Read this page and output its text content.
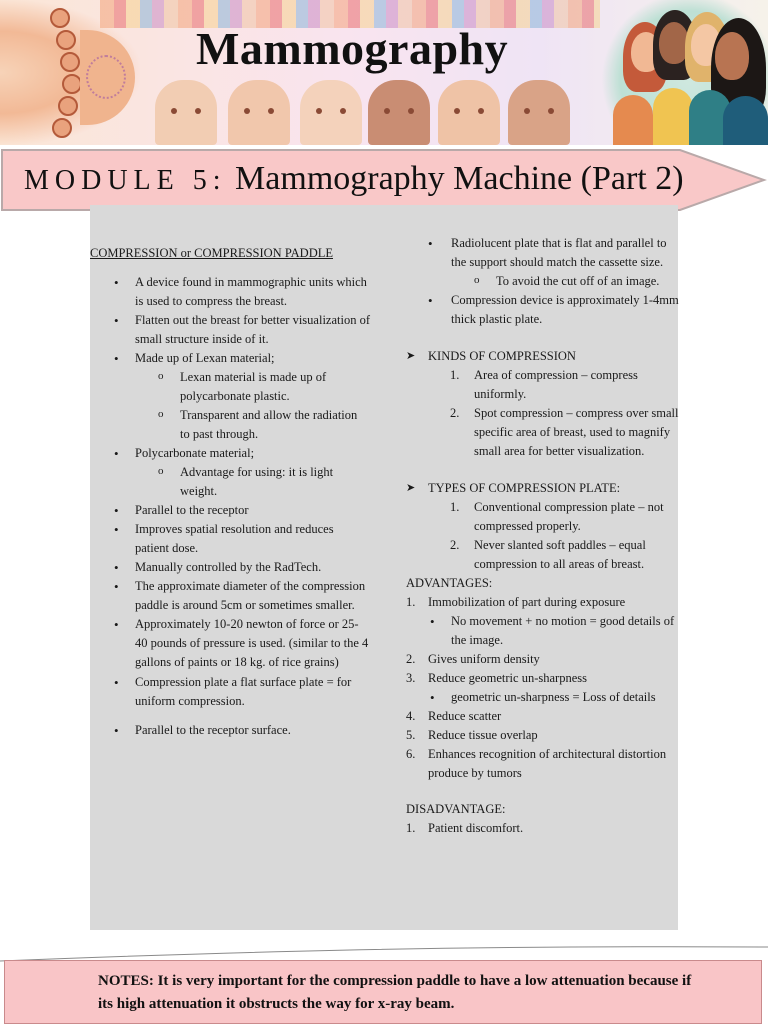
Mammography
MODULE 5: Mammography Machine (Part 2)

COMPRESSION or COMPRESSION PADDLE

• A device found in mammographic units which is used to compress the breast.
• Flatten out the breast for better visualization of small structure inside of it.
• Made up of Lexan material;
o Lexan material is made up of polycarbonate plastic.
o Transparent and allow the radiation to past through.
• Polycarbonate material;
o Advantage for using: it is light weight.
• Parallel to the receptor
• Improves spatial resolution and reduces patient dose.
• Manually controlled by the RadTech.
• The approximate diameter of the compression paddle is around 5cm or sometimes smaller.
• Approximately 10-20 newton of force or 25-40 pounds of pressure is used. (similar to the 4 gallons of paints or 18 kg. of rice grains)
• Compression plate a flat surface plate = for uniform compression.
• Parallel to the receptor surface.
• Radiolucent plate that is flat and parallel to the support should match the cassette size.
o To avoid the cut off of an image.
• Compression device is approximately 1-4mm thick plastic plate.
➤ KINDS OF COMPRESSION
1. Area of compression – compress uniformly.
2. Spot compression – compress over small specific area of breast, used to magnify small area for better visualization.
➤ TYPES OF COMPRESSION PLATE:
1. Conventional compression plate – not compressed properly.
2. Never slanted soft paddles – equal compression to all areas of breast.

ADVANTAGES:

1. Immobilization of part during exposure
• No movement + no motion = good details of the image.
2. Gives uniform density
3. Reduce geometric un-sharpness
• geometric un-sharpness = Loss of details
4. Reduce scatter
5. Reduce tissue overlap
6. Enhances recognition of architectural distortion produce by tumors

DISADVANTAGE:

1. Patient discomfort.

NOTES: It is very important for the compression paddle to have a low attenuation because if its high attenuation it obstructs the way for x-ray beam.
